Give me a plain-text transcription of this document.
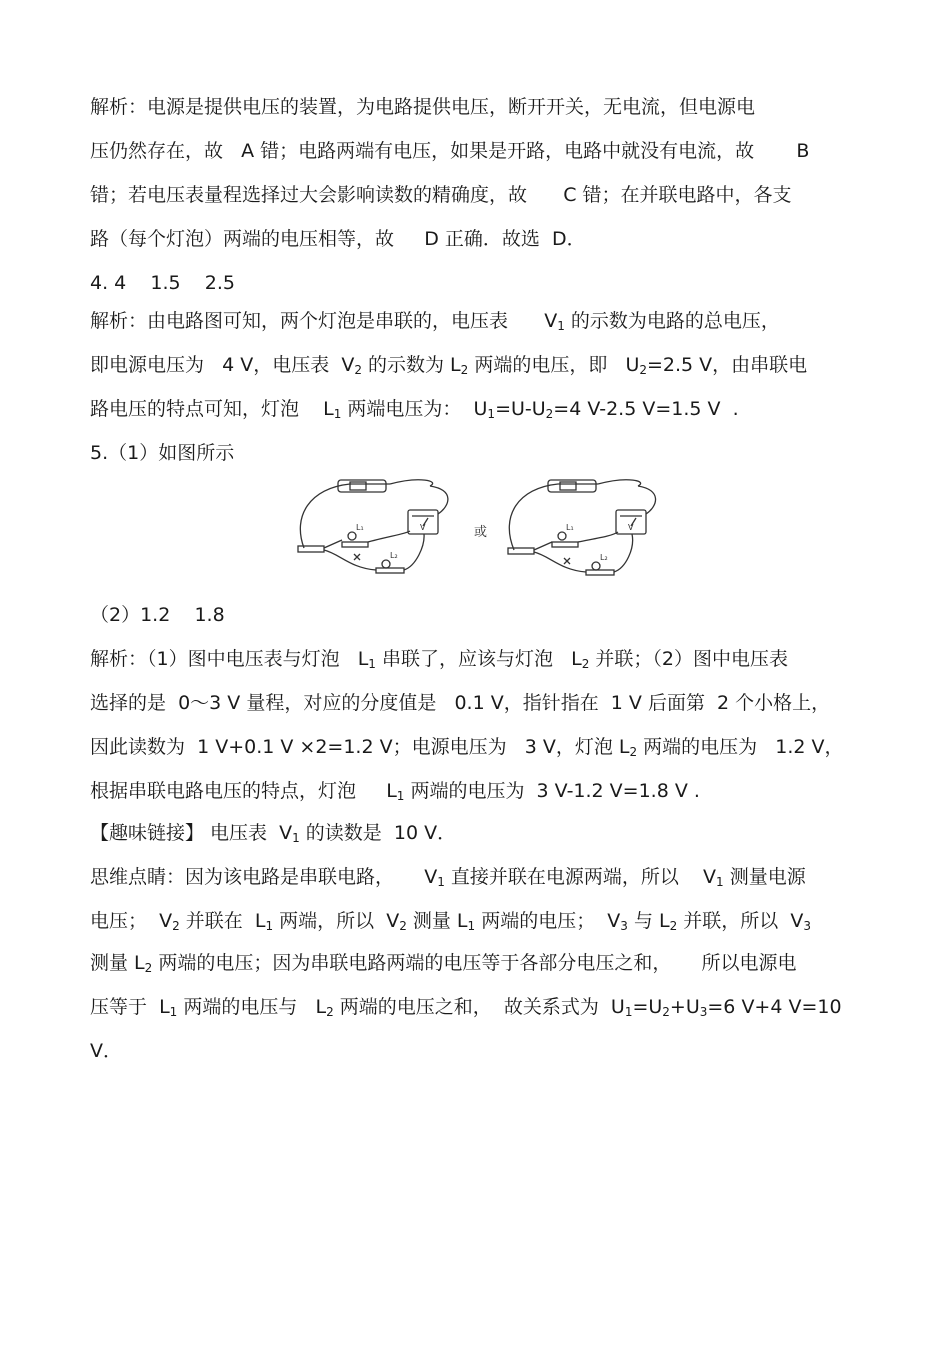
解析：电源是提供电压的装置，为电路提供电压，断开开关，无电流，但电源电
压仍然存在，故   A 错；电路两端有电压，如果是开路，电路中就没有电流，故       B
错；若电压表量程选择过大会影响读数的精确度，故      C 错；在并联电路中，各支
路（每个灯泡）两端的电压相等，故     D 正确．故选  D．
4. 4    1.5    2.5
解析：由电路图可知，两个灯泡是串联的，电压表      $V_1$ 的示数为电路的总电压，
即电源电压为   4 V，电压表  $V_2$ 的示数为 $L_2$ 两端的电压，即   $U_2=2.5$ V，由串联电
路电压的特点可知，灯泡    $L_1$ 两端电压为：  $U_1=U-U_2=4$ V-2.5 V=1.5 V  .
5.（1）如图所示
L₁
L₂
V	或	L₁
L₂
V
（2）1.2    1.8
解析：（1）图中电压表与灯泡   $L_1$ 串联了，应该与灯泡   $L_2$ 并联；（2）图中电压表
选择的是  0～3 V 量程，对应的分度值是   0.1 V，指针指在  1 V 后面第  2 个小格上，
因此读数为  1 V+0.1 V ×2=1.2 V；电源电压为   3 V，灯泡 $L_2$ 两端的电压为   1.2 V，
根据串联电路电压的特点，灯泡     $L_1$ 两端的电压为  3 V-1.2 V=1.8 V .
【趣味链接】 电压表  $V_1$ 的读数是  10 V．
思维点睛：因为该电路是串联电路，     $V_1$ 直接并联在电源两端，所以    $V_1$ 测量电源
电压；  $V_2$ 并联在  $L_1$ 两端，所以  $V_2$ 测量 $L_1$ 两端的电压；  $V_3$ 与 $L_2$ 并联，所以  $V_3$
测量 $L_2$ 两端的电压；因为串联电路两端的电压等于各部分电压之和，     所以电源电
压等于  $L_1$ 两端的电压与   $L_2$ 两端的电压之和，  故关系式为  $U_1=U_2+U_3=6$ V+4 V=10
V．
